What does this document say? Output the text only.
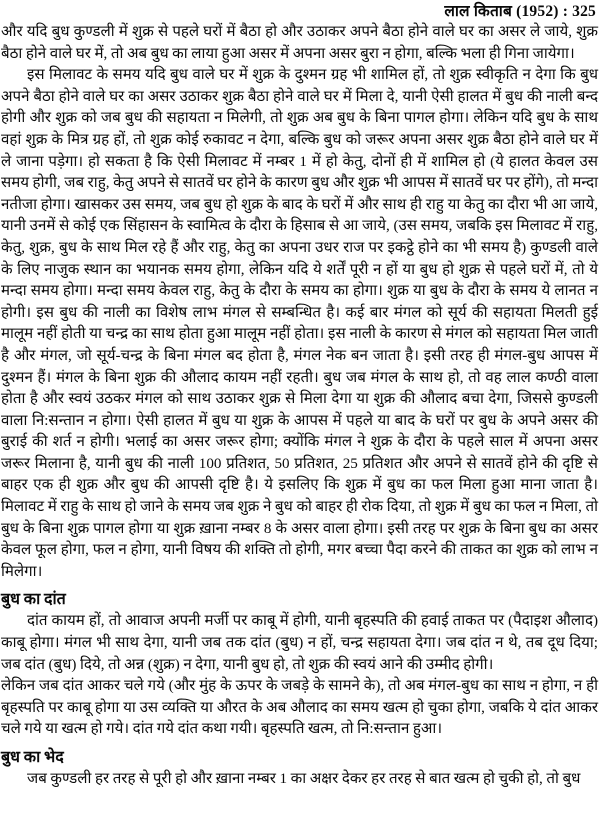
लाल किताब (1952) : 325

और यदि बुध कुण्डली में शुक्र से पहले घरों में बैठा हो और उठाकर अपने बैठा होने वाले घर का असर ले जाये, शुक्र बैठा होने वाले घर में, तो अब बुध का लाया हुआ असर में अपना असर बुरा न होगा, बल्कि भला ही गिना जायेगा।

इस मिलावट के समय यदि बुध वाले घर में शुक्र के दुश्मन ग्रह भी शामिल हों, तो शुक्र स्वीकृति न देगा कि बुध अपने बैठा होने वाले घर का असर उठाकर शुक्र बैठा होने वाले घर में मिला दे, यानी ऐसी हालत में बुध की नाली बन्द होगी और शुक्र को जब बुध की सहायता न मिलेगी, तो शुक्र अब बुध के बिना पागल होगा। लेकिन यदि बुध के साथ वहां शुक्र के मित्र ग्रह हों, तो शुक्र कोई रुकावट न देगा, बल्कि बुध को जरूर अपना असर शुक्र बैठा होने वाले घर में ले जाना पड़ेगा। हो सकता है कि ऐसी मिलावट में नम्बर 1 में हो केतु, दोनों ही में शामिल हो (ये हालत केवल उस समय होगी, जब राहु, केतु अपने से सातवें घर होने के कारण बुध और शुक्र भी आपस में सातवें घर पर होंगे), तो मन्दा नतीजा होगा। खासकर उस समय, जब बुध हो शुक्र के बाद के घरों में और साथ ही राहु या केतु का दौरा भी आ जाये, यानी उनमें से कोई एक सिंहासन के स्वामित्व के दौरा के हिसाब से आ जाये, (उस समय, जबकि इस मिलावट में राहु, केतु, शुक्र, बुध के साथ मिल रहे हैं और राहु, केतु का अपना उधर राज पर इकट्ठे होने का भी समय है) कुण्डली वाले के लिए नाजुक स्थान का भयानक समय होगा, लेकिन यदि ये शर्तें पूरी न हों या बुध हो शुक्र से पहले घरों में, तो ये मन्दा समय होगा। मन्दा समय केवल राहु, केतु के दौरा के समय का होगा। शुक्र या बुध के दौरा के समय ये लानत न होगी। इस बुध की नाली का विशेष लाभ मंगल से सम्बन्धित है। कई बार मंगल को सूर्य की सहायता मिलती हुई मालूम नहीं होती या चन्द्र का साथ होता हुआ मालूम नहीं होता। इस नाली के कारण से मंगल को सहायता मिल जाती है और मंगल, जो सूर्य-चन्द्र के बिना मंगल बद होता है, मंगल नेक बन जाता है। इसी तरह ही मंगल-बुध आपस में दुश्मन हैं। मंगल के बिना शुक्र की औलाद कायम नहीं रहती। बुध जब मंगल के साथ हो, तो वह लाल कण्ठी वाला होता है और स्वयं उठकर मंगल को साथ उठाकर शुक्र से मिला देगा या शुक्र की औलाद बचा देगा, जिससे कुण्डली वाला नि:सन्तान न होगा। ऐसी हालत में बुध या शुक्र के आपस में पहले या बाद के घरों पर बुध के अपने असर की बुराई की शर्त न होगी। भलाई का असर जरूर होगा; क्योंकि मंगल ने शुक्र के दौरा के पहले साल में अपना असर जरूर मिलाना है, यानी बुध की नाली 100 प्रतिशत, 50 प्रतिशत, 25 प्रतिशत और अपने से सातवें होने की दृष्टि से बाहर एक ही शुक्र और बुध की आपसी दृष्टि है। ये इसलिए कि शुक्र में बुध का फल मिला हुआ माना जाता है। मिलावट में राहु के साथ हो जाने के समय जब शुक्र ने बुध को बाहर ही रोक दिया, तो शुक्र में बुध का फल न मिला, तो बुध के बिना शुक्र पागल होगा या शुक्र ख़ाना नम्बर 8 के असर वाला होगा। इसी तरह पर शुक्र के बिना बुध का असर केवल फूल होगा, फल न होगा, यानी विषय की शक्ति तो होगी, मगर बच्चा पैदा करने की ताकत का शुक्र को लाभ न मिलेगा।

बुध का दांत

दांत कायम हों, तो आवाज अपनी मर्जी पर काबू में होगी, यानी बृहस्पति की हवाई ताकत पर (पैदाइश औलाद) काबू होगा। मंगल भी साथ देगा, यानी जब तक दांत (बुध) न हों, चन्द्र सहायता देगा। जब दांत न थे, तब दूध दिया; जब दांत (बुध) दिये, तो अन्न (शुक्र) न देगा, यानी बुध हो, तो शुक्र की स्वयं आने की उम्मीद होगी।

लेकिन जब दांत आकर चले गये (और मुंह के ऊपर के जबड़े के सामने के), तो अब मंगल-बुध का साथ न होगा, न ही बृहस्पति पर काबू होगा या उस व्यक्ति या औरत के अब औलाद का समय खत्म हो चुका होगा, जबकि ये दांत आकर चले गये या खत्म हो गये। दांत गये दांत कथा गयी। बृहस्पति खत्म, तो नि:सन्तान हुआ।

बुध का भेद

जब कुण्डली हर तरह से पूरी हो और ख़ाना नम्बर 1 का अक्षर देकर हर तरह से बात खत्म हो चुकी हो, तो बुध
